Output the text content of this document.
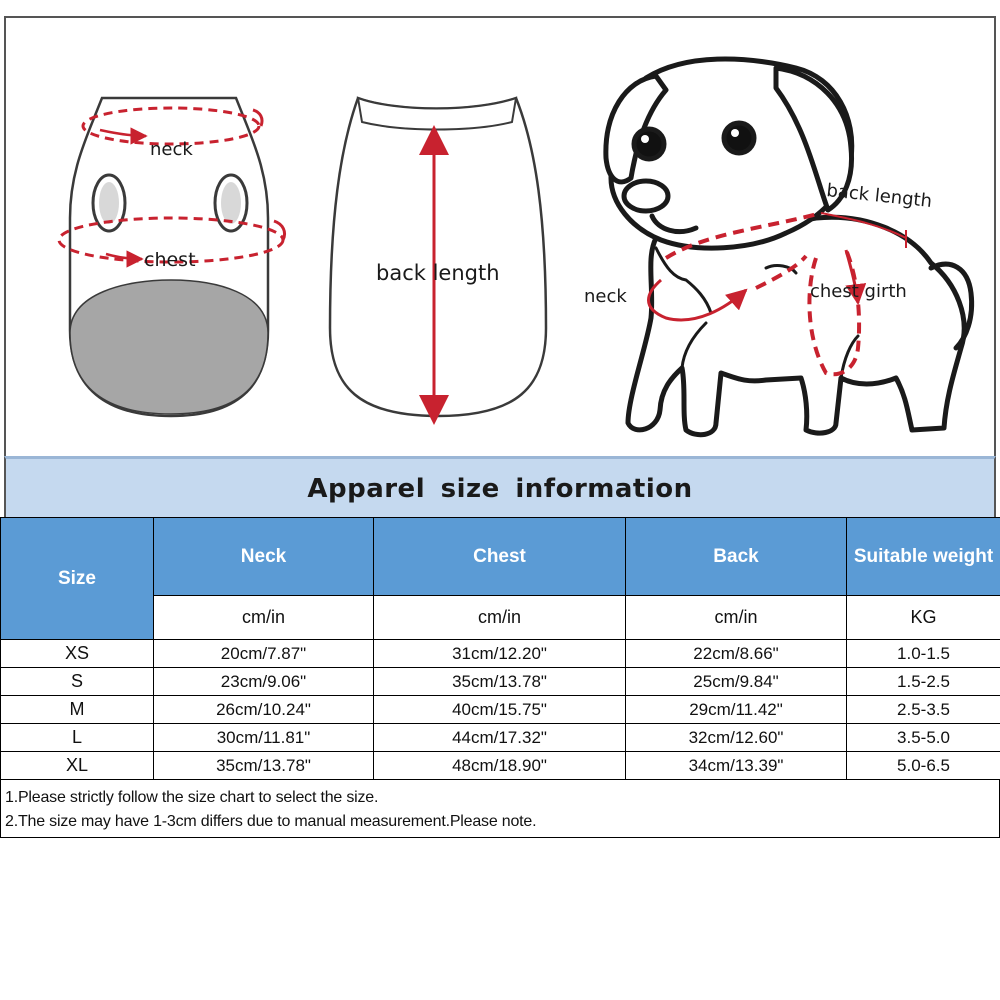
neck
chest
back length
back length
neck	chest girth
Apparel size information
Size	Neck	Chest	Back	Suitable weight
	cm/in	cm/in	cm/in	KG
XS	20cm/7.87"	31cm/12.20"	22cm/8.66"	1.0-1.5
S	23cm/9.06"	35cm/13.78"	25cm/9.84"	1.5-2.5
M	26cm/10.24"	40cm/15.75"	29cm/11.42"	2.5-3.5
L	30cm/11.81"	44cm/17.32"	32cm/12.60"	3.5-5.0
XL	35cm/13.78"	48cm/18.90"	34cm/13.39"	5.0-6.5
1.Please strictly follow the size chart to select the size.
2.The size may have 1-3cm differs due to manual measurement.Please note.
